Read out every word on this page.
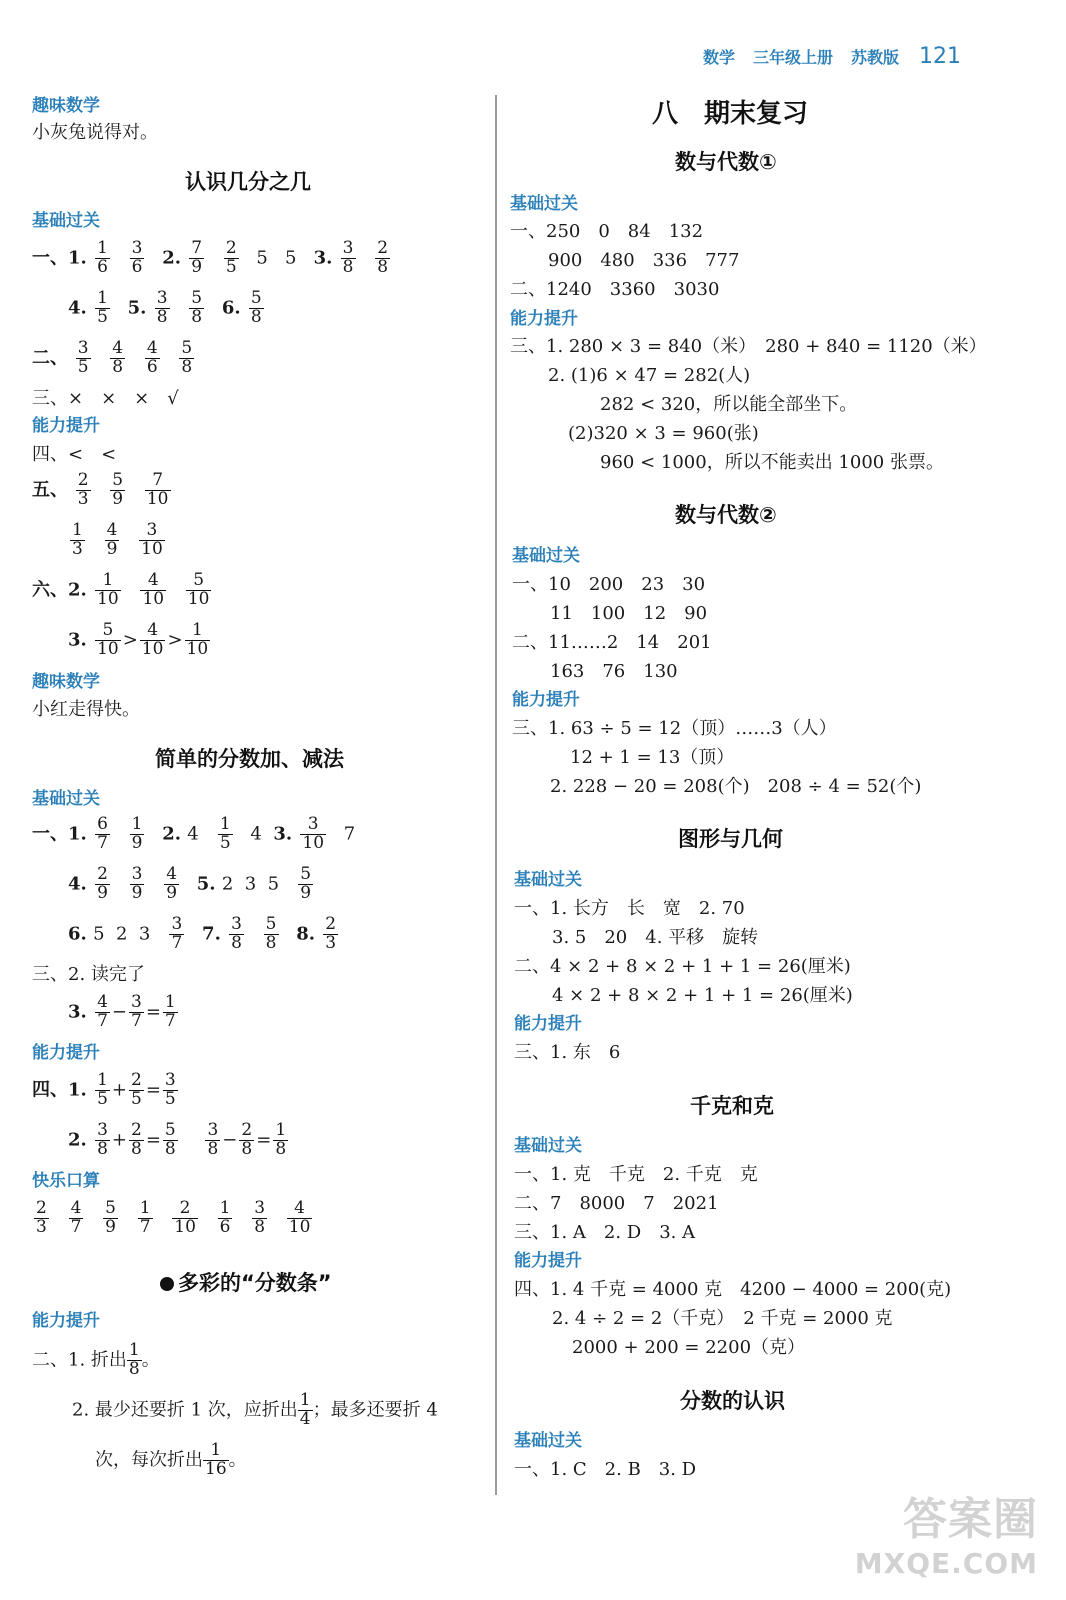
数学 三年级上册 苏教版 121
趣味数学
小灰兔说得对。
认识几分之几
基础过关
一、1. $\frac{1}{6}$
$\frac{3}{6} 2$. $\frac{7}{9}$
$\frac{2}{5} 5$   5   3. $\frac{3}{8}$
$\frac{2}{8}$
4. $\frac{1}{5} 5$. $\frac{3}{8}$
$\frac{5}{8} 6$. $\frac{5}{8}$
二、 $\frac{3}{5}$
$\frac{4}{8}$
$\frac{4}{6}$
$\frac{5}{8}$
三、×　×　×　√
能力提升
四、<　<
五、 $\frac{2}{3}$
$\frac{5}{9}$
$\frac{7}{10}$
$\frac{1}{3}$
$\frac{4}{9}$
$\frac{3}{10}$
六、2. $\frac{1}{10}$
$\frac{4}{10}$
$\frac{5}{10}$
3. $\frac{5}{10} > \frac{4}{10} > \frac{1}{10}$
趣味数学
小红走得快。
简单的分数加、减法
基础过关
一、1. $\frac{6}{7}$
$\frac{1}{9} 2$. $4 \frac{1}{5} 4$  3. $\frac{3}{10} 7$
4. $\frac{2}{9}$
$\frac{3}{9}$
$\frac{4}{9} 5$. 2  3  $5 \frac{5}{9}$
6. 5  2  $3 \frac{3}{7} 7$. $\frac{3}{8}$
$\frac{5}{8} 8$. $\frac{2}{3}$
三、2. 读完了
3. $\frac{4}{7} - \frac{3}{7} = \frac{1}{7}$
能力提升
四、1. $\frac{1}{5} + \frac{2}{5} = \frac{3}{5}$
2. $\frac{3}{8} + \frac{2}{8} = \frac{5}{8}$
$\frac{3}{8} - \frac{2}{8} = \frac{1}{8}$
快乐口算
$\frac{2}{3}$
$\frac{4}{7}$
$\frac{5}{9}$
$\frac{1}{7}$
$\frac{2}{10}$
$\frac{1}{6}$
$\frac{3}{8}$
$\frac{4}{10}$
多彩的“分数条”
能力提升
二、1. 折出 $\frac{1}{8}$ 。
2. 最少还要折 1 次，应折出 $\frac{1}{4}$ ；最多还要折 4
次，每次折出 $\frac{1}{16}$ 。
八　期末复习
数与代数①
基础过关
一、250　0　84　132
900　480　336　777
二、1240　3360　3030
能力提升
三、1. 280 × 3 = 840（米）　280 + 840 = 1120（米）
2. (1)6 × 47 = 282(人)
282 < 320，所以能全部坐下。
(2)320 × 3 = 960(张)
960 < 1000，所以不能卖出 1000 张票。
数与代数②
基础过关
一、10　200　23　30
11　100　12　90
二、11……2　14　201
163　76　130
能力提升
三、1. 63 ÷ 5 = 12（顶）……3（人）
12 + 1 = 13（顶）
2. 228 − 20 = 208(个)　208 ÷ 4 = 52(个)
图形与几何
基础过关
一、1. 长方　长　宽　2. 70
3. 5　20　4. 平移　旋转
二、4 × 2 + 8 × 2 + 1 + 1 = 26(厘米)
4 × 2 + 8 × 2 + 1 + 1 = 26(厘米)
能力提升
三、1. 东　6
千克和克
基础过关
一、1. 克　千克　2. 千克　克
二、7　8000　7　2021
三、1. A　2. D　3. A
能力提升
四、1. 4 千克 = 4000 克　4200 − 4000 = 200(克)
2. 4 ÷ 2 = 2（千克）　2 千克 = 2000 克
2000 + 200 = 2200（克）
分数的认识
基础过关
一、1. C　2. B　3. D
答案圈
MXQE.COM
